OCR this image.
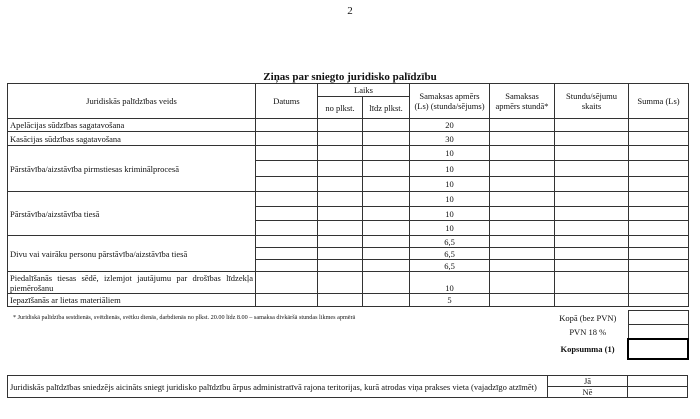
2
Ziņas par sniegto juridisko palīdzību
Juridiskās palīdzības veids	Datums	Laiks		Samaksas apmērs (Ls) (stunda/sējums)	Samaksas apmērs stundā*	Stundu/sējumu skaits	Summa (Ls)
		no plkst.	līdz plkst.				
Apelācijas sūdzības sagatavošana				20			
Kasācijas sūdzības sagatavošana				30			
Pārstāvība/aizstāvība pirmstiesas kriminālprocesā				10			
				10			
				10			
Pārstāvība/aizstāvība tiesā				10			
				10			
				10			
Divu vai vairāku personu pārstāvība/aizstāvība tiesā				6,5			
				6,5			
				6,5			
Piedalīšanās tiesas sēdē, izlemjot jautājumu par drošības līdzekļa piemērošanu				10			
Iepazīšanās ar lietas materiāliem				5			
* Juridiskā palīdzība sestdienās, svētdienās, svētku dienās, darbdienās no plkst. 20.00 līdz 8.00 – samaksa divkāršā stundas likmes apmērā	Kopā (bez PVN)	
PVN 18 %	
Kopsumma (1)	
Juridiskās palīdzības sniedzējs aicināts sniegt juridisko palīdzību ārpus administratīvā rajona teritorijas, kurā atrodas viņa prakses vieta (vajadzīgo atzīmēt)	Jā	
	Nē	
